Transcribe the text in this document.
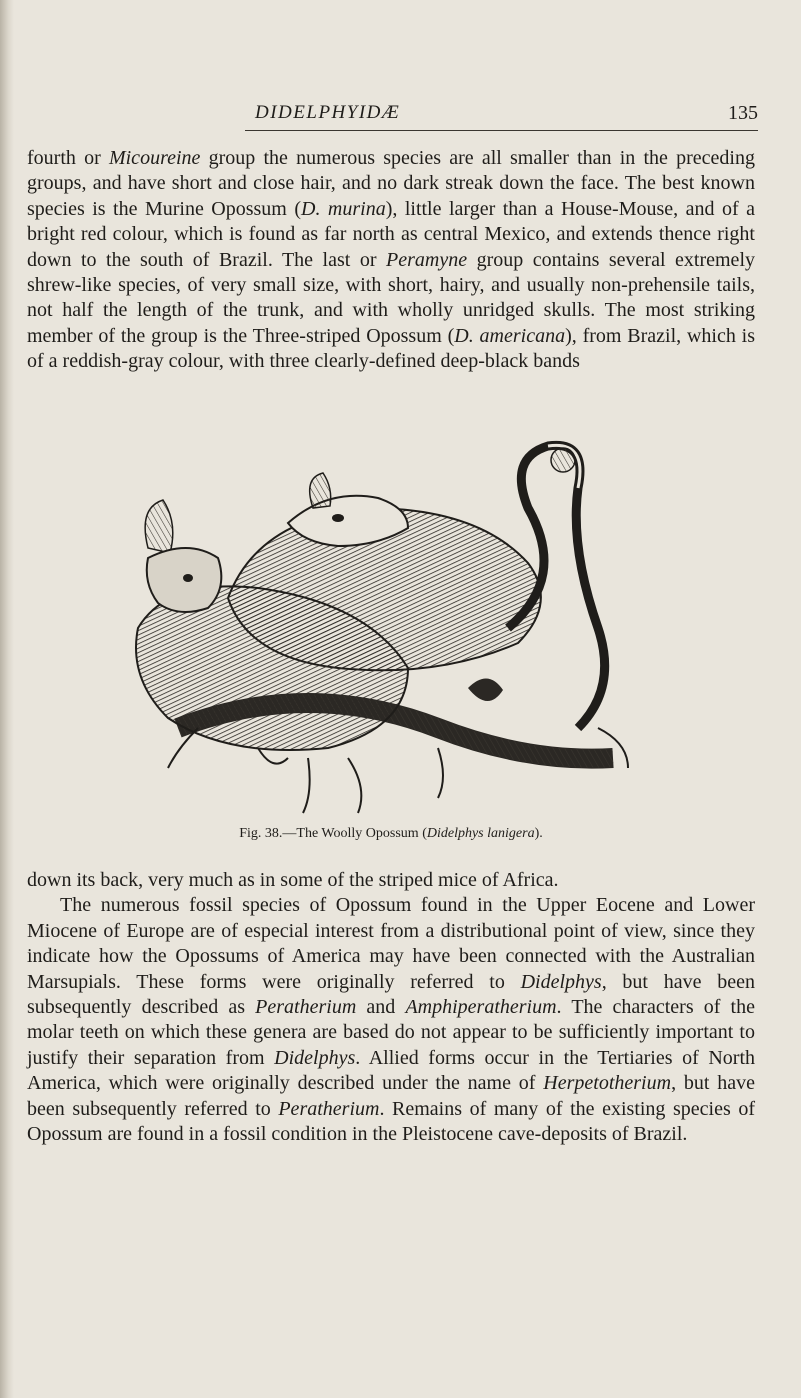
DIDELPHYIDÆ	135

fourth or Micoureine group the numerous species are all smaller than in the preceding groups, and have short and close hair, and no dark streak down the face. The best known species is the Murine Opossum (D. murina), little larger than a House-Mouse, and of a bright red colour, which is found as far north as central Mexico, and extends thence right down to the south of Brazil. The last or Peramyne group contains several extremely shrew-like species, of very small size, with short, hairy, and usually non-prehensile tails, not half the length of the trunk, and with wholly unridged skulls. The most striking member of the group is the Three-striped Opossum (D. americana), from Brazil, which is of a reddish-gray colour, with three clearly-defined deep-black bands

Fig. 38.—The Woolly Opossum (Didelphys lanigera).

down its back, very much as in some of the striped mice of Africa.

The numerous fossil species of Opossum found in the Upper Eocene and Lower Miocene of Europe are of especial interest from a distributional point of view, since they indicate how the Opossums of America may have been connected with the Australian Marsupials. These forms were originally referred to Didelphys, but have been subsequently described as Peratherium and Amphiperatherium. The characters of the molar teeth on which these genera are based do not appear to be sufficiently important to justify their separation from Didelphys. Allied forms occur in the Tertiaries of North America, which were originally described under the name of Herpetotherium, but have been subsequently referred to Peratherium. Remains of many of the existing species of Opossum are found in a fossil condition in the Pleistocene cave-deposits of Brazil.
